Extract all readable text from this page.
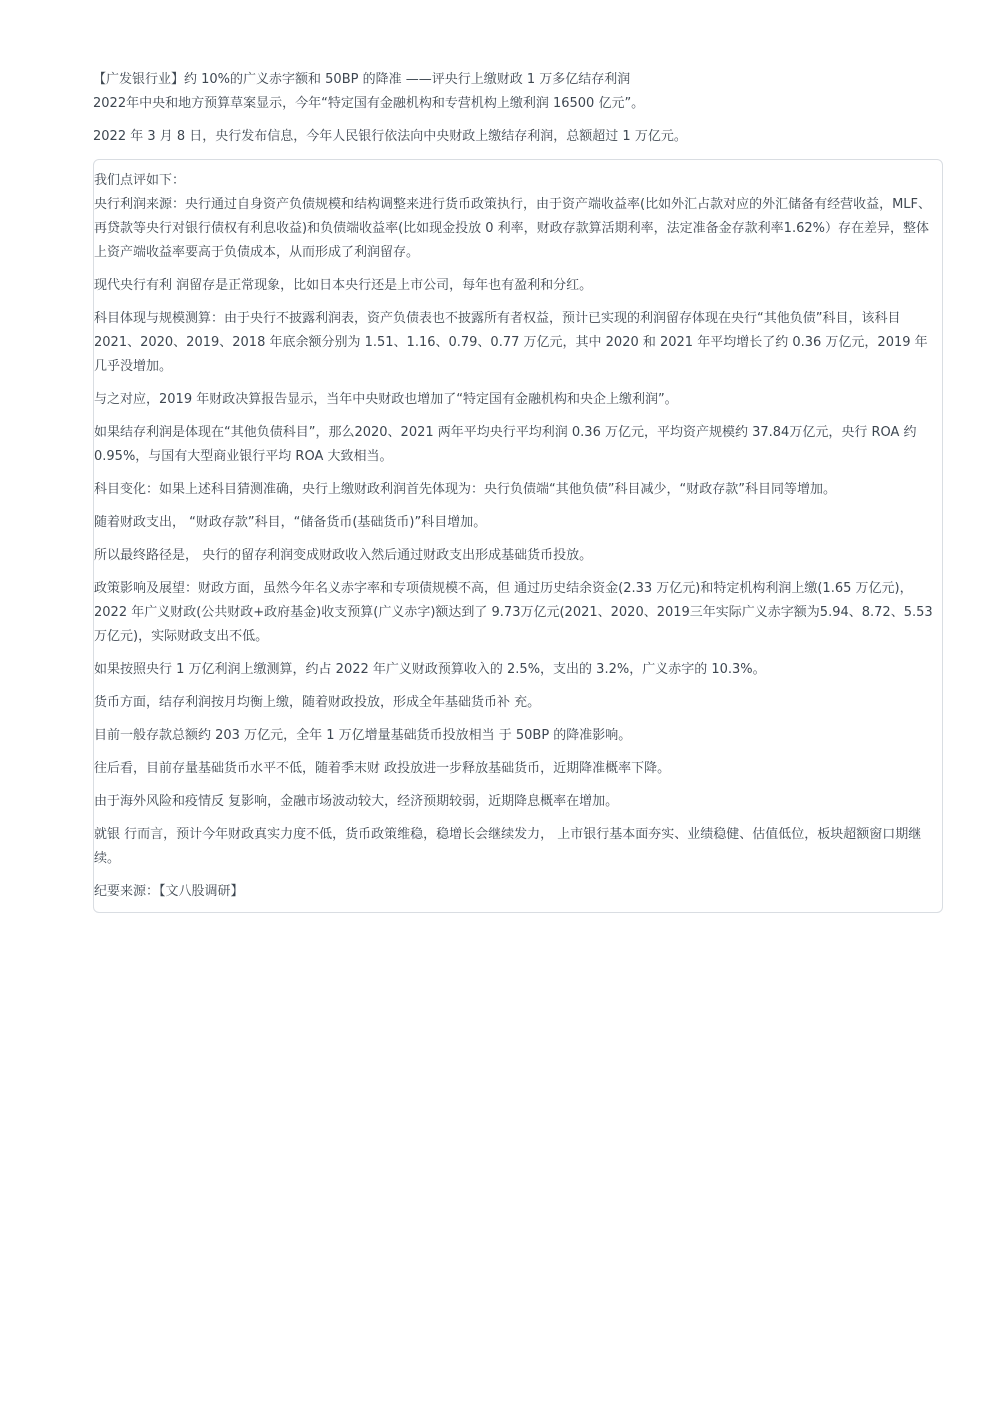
【广发银行业】约 10%的广义赤字额和 50BP 的降准 ——评央行上缴财政 1 万多亿结存利润

2022年中央和地方预算草案显示，今年“特定国有金融机构和专营机构上缴利润 16500 亿元”。

2022 年 3 月 8 日，央行发布信息，今年人民银行依法向中央财政上缴结存利润，总额超过 1 万亿元。

我们点评如下：

央行利润来源：央行通过自身资产负债规模和结构调整来进行货币政策执行，由于资产端收益率(比如外汇占款对应的外汇储备有经营收益，MLF、再贷款等央行对银行债权有利息收益)和负债端收益率(比如现金投放 0 利率，财政存款算活期利率，法定准备金存款利率1.62%）存在差异，整体上资产端收益率要高于负债成本，从而形成了利润留存。

现代央行有利 润留存是正常现象，比如日本央行还是上市公司，每年也有盈利和分红。

科目体现与规模测算：由于央行不披露利润表，资产负债表也不披露所有者权益，预计已实现的利润留存体现在央行“其他负债”科目，该科目2021、2020、2019、2018 年底余额分别为 1.51、1.16、0.79、0.77 万亿元，其中 2020 和 2021 年平均增长了约 0.36 万亿元，2019 年几乎没增加。

与之对应，2019 年财政决算报告显示，当年中央财政也增加了“特定国有金融机构和央企上缴利润”。

如果结存利润是体现在“其他负债科目”，那么2020、2021 两年平均央行平均利润 0.36 万亿元，平均资产规模约 37.84万亿元，央行 ROA 约 0.95%，与国有大型商业银行平均 ROA 大致相当。

科目变化：如果上述科目猜测准确，央行上缴财政利润首先体现为：央行负债端“其他负债”科目减少，“财政存款”科目同等增加。

随着财政支出， “财政存款”科目，“储备货币(基础货币)”科目增加。

所以最终路径是， 央行的留存利润变成财政收入然后通过财政支出形成基础货币投放。

政策影响及展望：财政方面，虽然今年名义赤字率和专项债规模不高，但 通过历史结余资金(2.33 万亿元)和特定机构利润上缴(1.65 万亿元)，2022 年广义财政(公共财政+政府基金)收支预算(广义赤字)额达到了 9.73万亿元(2021、2020、2019三年实际广义赤字额为5.94、8.72、5.53 万亿元)，实际财政支出不低。

如果按照央行 1 万亿利润上缴测算，约占 2022 年广义财政预算收入的 2.5%，支出的 3.2%，广义赤字的 10.3%。

货币方面，结存利润按月均衡上缴，随着财政投放，形成全年基础货币补 充。

目前一般存款总额约 203 万亿元，全年 1 万亿增量基础货币投放相当 于 50BP 的降准影响。

往后看，目前存量基础货币水平不低，随着季末财 政投放进一步释放基础货币，近期降准概率下降。

由于海外风险和疫情反 复影响，金融市场波动较大，经济预期较弱，近期降息概率在增加。

就银 行而言，预计今年财政真实力度不低，货币政策维稳，稳增长会继续发力， 上市银行基本面夯实、业绩稳健、估值低位，板块超额窗口期继续。

纪要来源：【文八股调研】
